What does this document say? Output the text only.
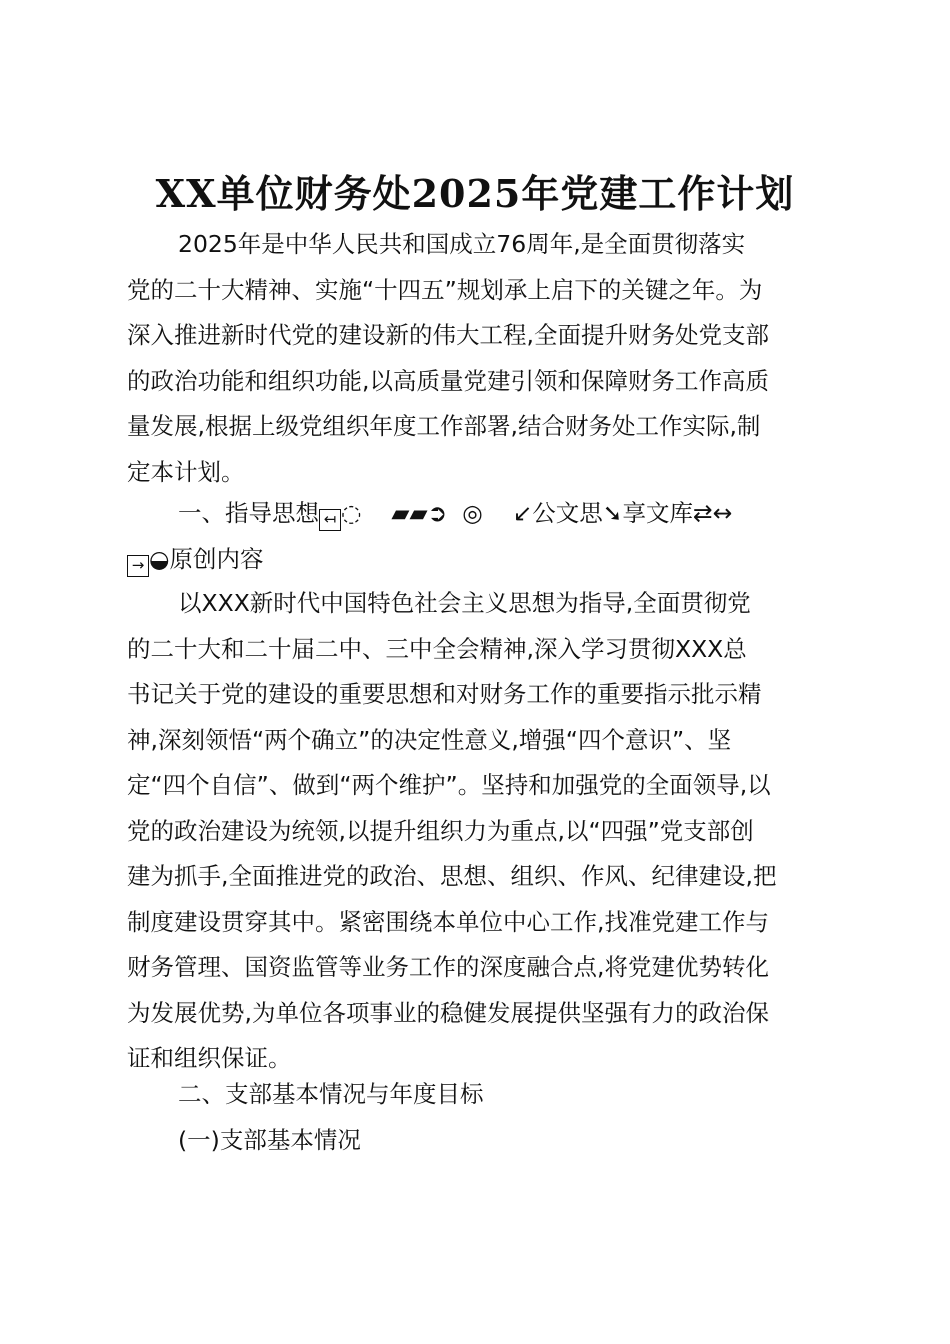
XX单位财务处2025年党建工作计划
2025年是中华人民共和国成立76周年,是全面贯彻落实
党的二十大精神、实施“十四五”规划承上启下的关键之年。为
深入推进新时代党的建设新的伟大工程,全面提升财务处党支部
的政治功能和组织功能,以高质量党建引领和保障财务工作高质
量发展,根据上级党组织年度工作部署,结合财务处工作实际,制
定本计划。
一、指导思想 ↤ ◌ ▰▰➲ ◎ ↙公文思➘享文库⇄↔
→ ◒原创内容
以XXX新时代中国特色社会主义思想为指导,全面贯彻党
的二十大和二十届二中、三中全会精神,深入学习贯彻XXX总
书记关于党的建设的重要思想和对财务工作的重要指示批示精
神,深刻领悟“两个确立”的决定性意义,增强“四个意识”、坚
定“四个自信”、做到“两个维护”。坚持和加强党的全面领导,以
党的政治建设为统领,以提升组织力为重点,以“四强”党支部创
建为抓手,全面推进党的政治、思想、组织、作风、纪律建设,把
制度建设贯穿其中。紧密围绕本单位中心工作,找准党建工作与
财务管理、国资监管等业务工作的深度融合点,将党建优势转化
为发展优势,为单位各项事业的稳健发展提供坚强有力的政治保
证和组织保证。
二、支部基本情况与年度目标
(一)支部基本情况
